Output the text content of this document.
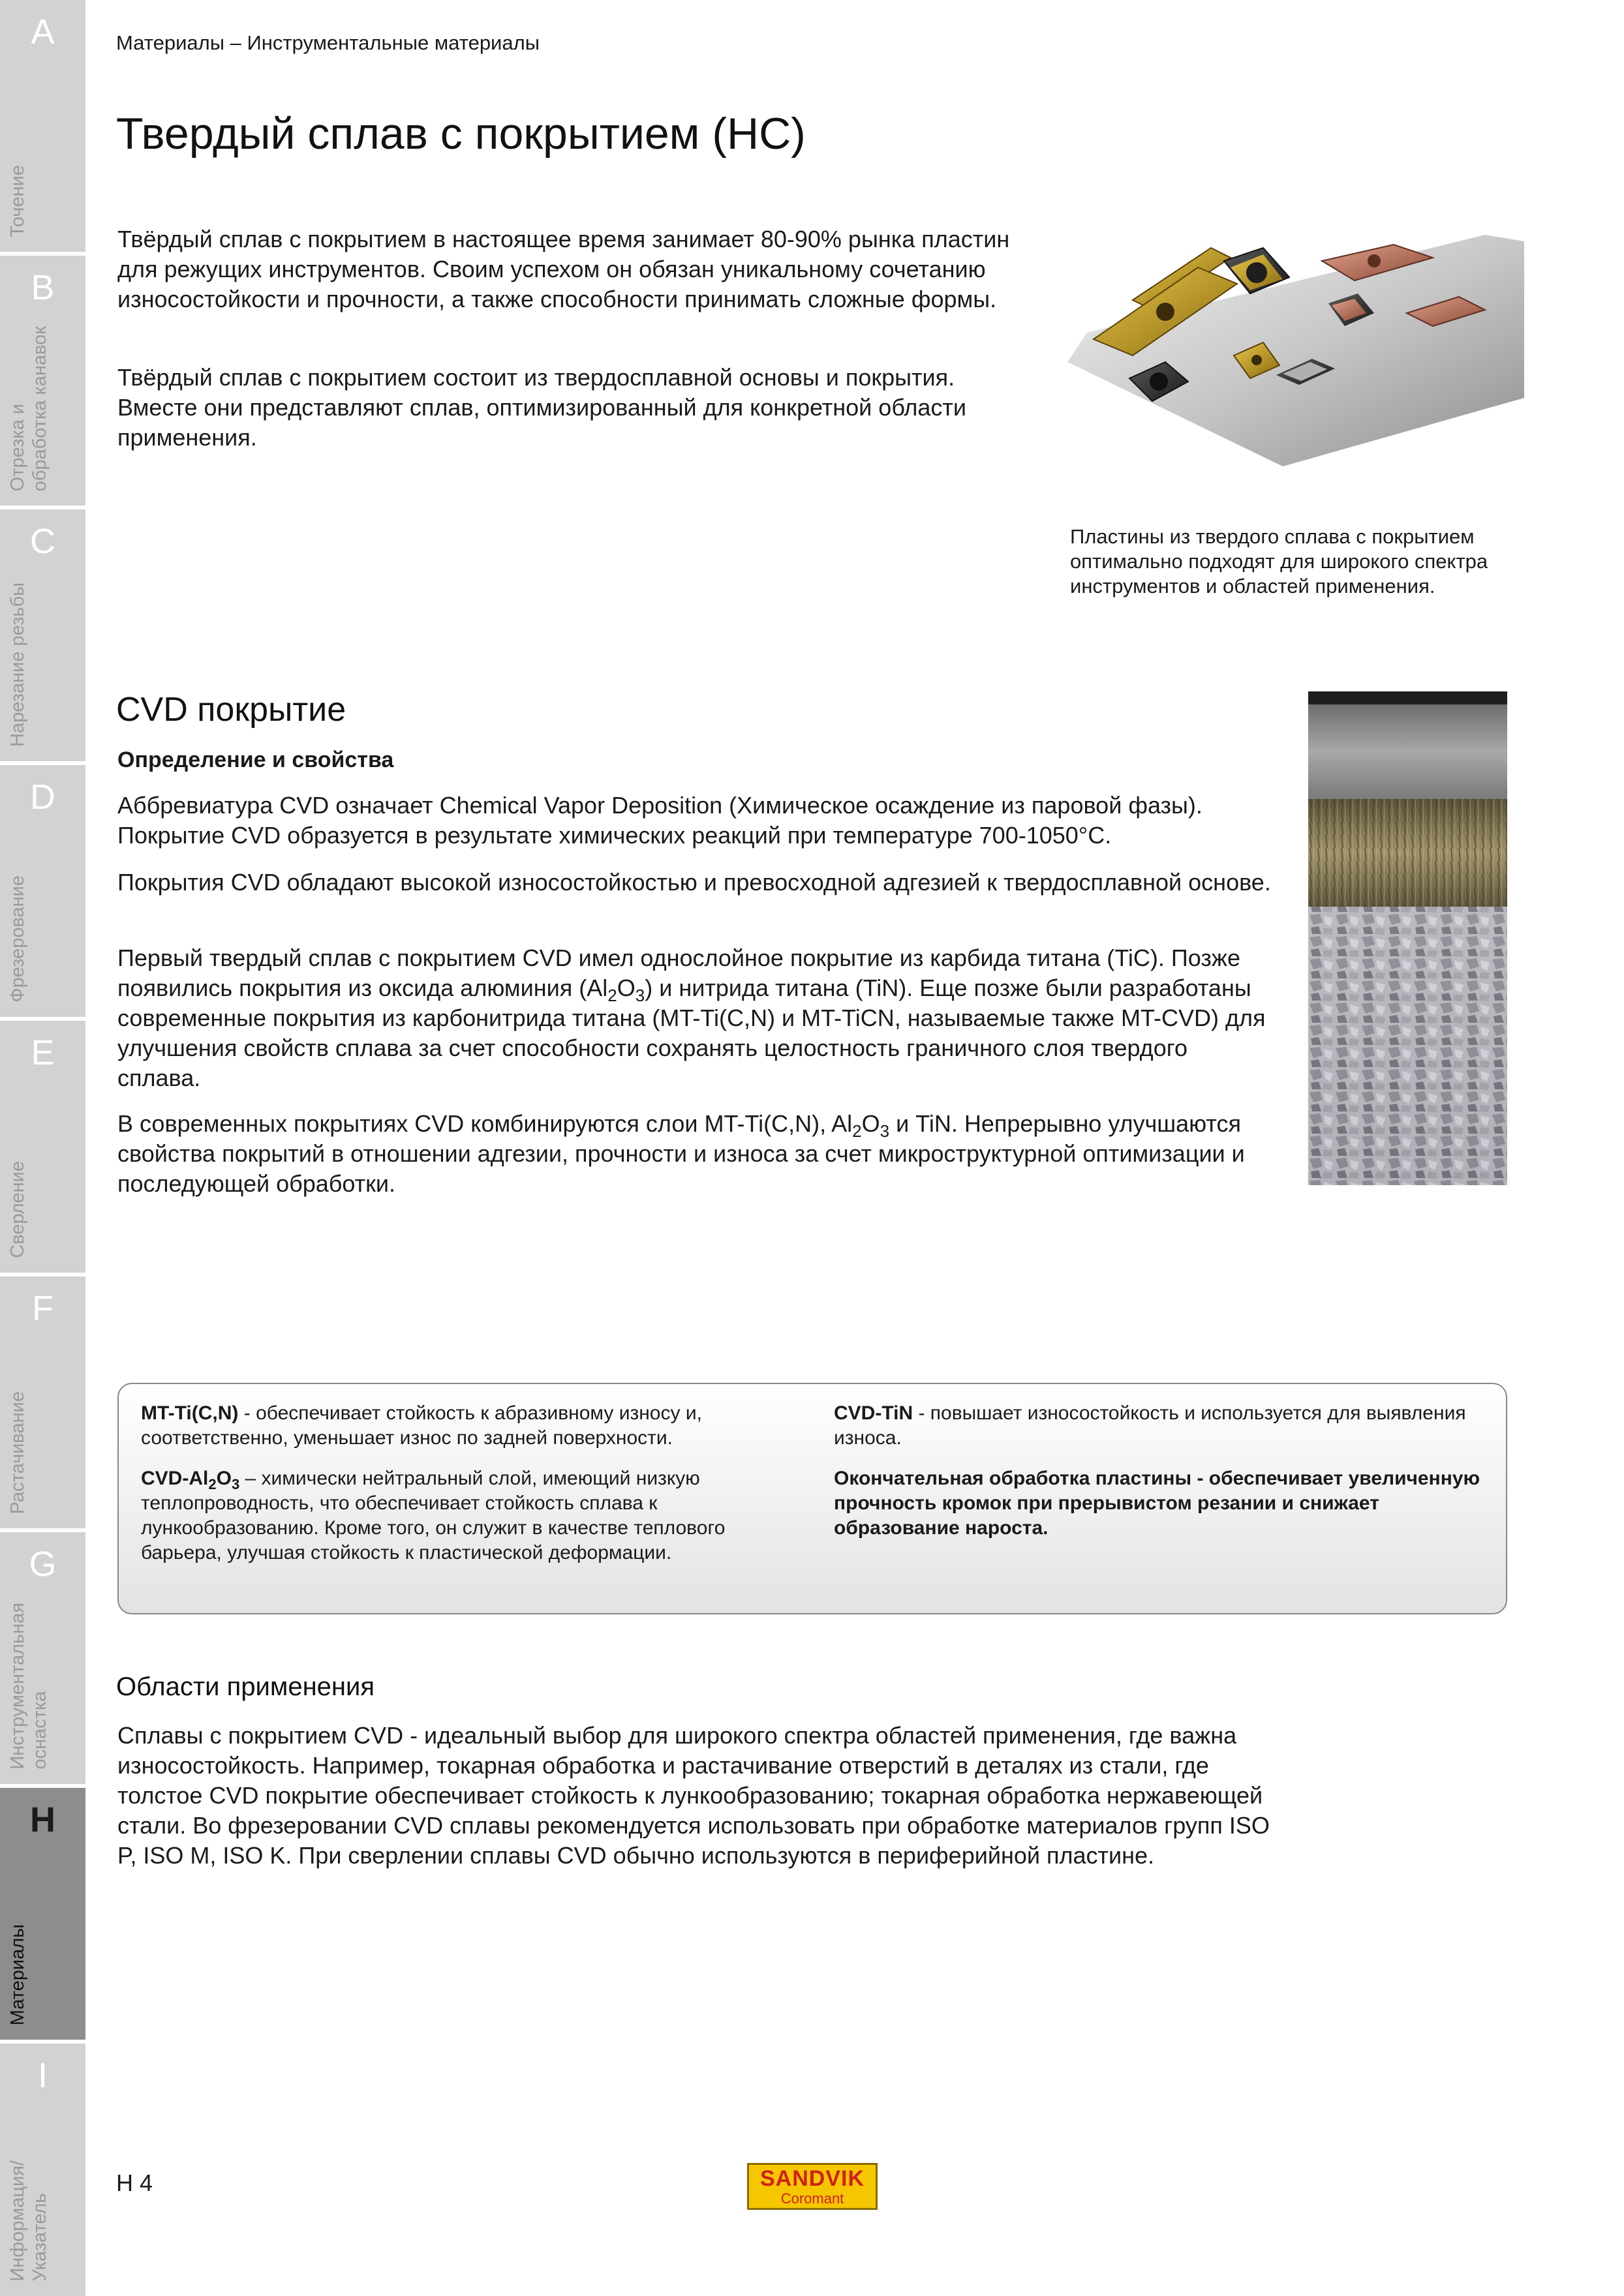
A
Точение
B
Отрезка и
обработка канавок
C
Нарезание резьбы
D
Фрезерование
E
Сверление
F
Растачивание
G
Инструментальная
оснастка
H
Материалы
I
Информация/
Указатель
Материалы – Инструментальные материалы
Твердый сплав с покрытием (HC)

Твёрдый сплав с покрытием в настоящее время занимает 80-90% рынка пластин для режущих инструментов. Своим успехом он обязан уникальному сочетанию износостойкости и прочности, а также способности принимать сложные формы.

Твёрдый сплав с покрытием состоит из твердосплавной основы и покрытия. Вместе они представляют сплав, оптимизированный для конкретной области применения.

Пластины из твердого сплава с покрытием оптимально подходят для широкого спектра инструментов и областей применения.

CVD покрытие
Определение и свойства

Аббревиатура CVD означает Chemical Vapor Deposition (Химическое осаждение из паровой фазы). Покрытие CVD образуется в результате химических реакций при температуре 700-1050°C.

Покрытия CVD обладают высокой износостойкостью и превосходной адгезией к твердосплавной основе.

Первый твердый сплав с покрытием CVD имел однослойное покрытие из карбида титана (TiC). Позже появились покрытия из оксида алюминия $(Al_2O_3)$ и нитрида титана (TiN). Еще позже были разработаны современные покрытия из карбонитрида титана (MT-Ti(C,N) и MT-TiCN, называемые также MT-CVD) для улучшения свойств сплава за счет способности сохранять целостность граничного слоя твердого сплава.

В современных покрытиях CVD комбинируются слои MT-Ti(C,N), $Al_2O_3$ и TiN. Непрерывно улучшаются свойства покрытий в отношении адгезии, прочности и износа за счет микроструктурной оптимизации и последующей обработки.

MT-Ti(C,N) - обеспечивает стойкость к абразивному износу и, соответственно, уменьшает износ по задней поверхности.

CVD-$Al_2O_3$ – химически нейтральный слой, имеющий низкую теплопроводность, что обеспечивает стойкость сплава к лункообразованию. Кроме того, он служит в качестве теплового барьера, улучшая стойкость к пластической деформации.

CVD-TiN - повышает износостойкость и используется для выявления износа.

Окончательная обработка пластины - обеспечивает увеличенную прочность кромок при прерывистом резании и снижает образование нароста.

Области применения

Сплавы с покрытием CVD - идеальный выбор для широкого спектра областей применения, где важна износостойкость. Например, токарная обработка и растачивание отверстий в деталях из стали, где толстое CVD покрытие обеспечивает стойкость к лункообразованию; токарная обработка нержавеющей стали. Во фрезеровании CVD сплавы рекомендуется использовать при обработке материалов групп ISO P, ISO M, ISO K. При сверлении сплавы CVD обычно используются в периферийной пластине.

H 4	SANDVIK
Coromant
